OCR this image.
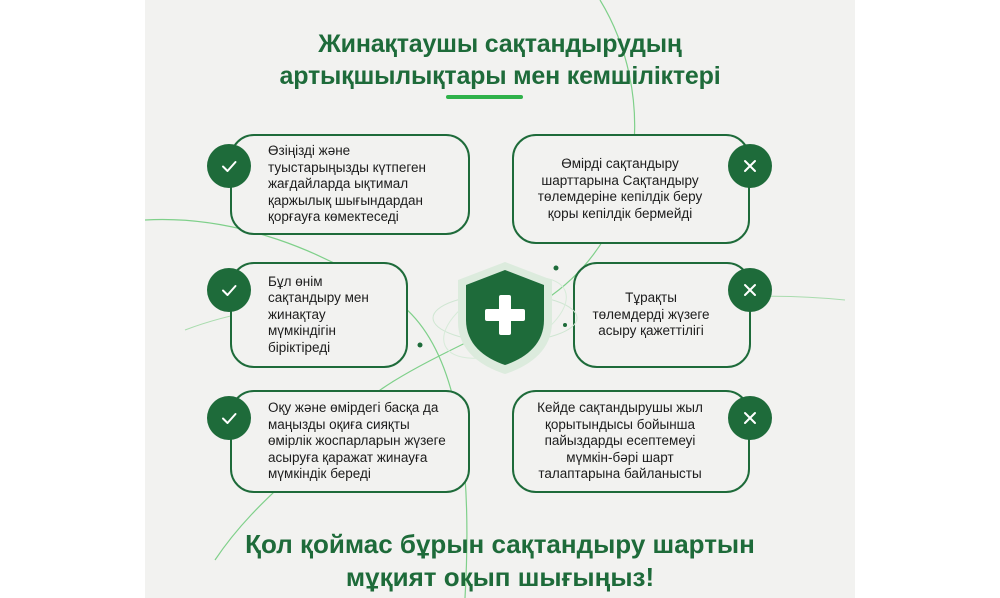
Жинақтаушы сақтандырудың
артықшылықтары мен кемшіліктері
Өзіңізді және туыстарыңызды күтпеген жағдайларда ықтимал қаржылық шығындардан қорғауға көмектеседі
Бұл өнім сақтандыру мен жинақтау мүмкіндігін біріктіреді
Оқу және өмірдегі басқа да маңызды оқиға сияқты өмірлік жоспарларын жүзеге асыруға қаражат жинауға мүмкіндік береді
Өмірді сақтандыру шарттарына Сақтандыру төлемдеріне кепілдік беру қоры кепілдік бермейді
Тұрақты төлемдерді жүзеге асыру қажеттілігі
Кейде сақтандырушы жыл қорытындысы бойынша пайыздарды есептемеуі мүмкін-бәрі шарт талаптарына байланысты
Қол қоймас бұрын сақтандыру шартын
мұқият оқып шығыңыз!
